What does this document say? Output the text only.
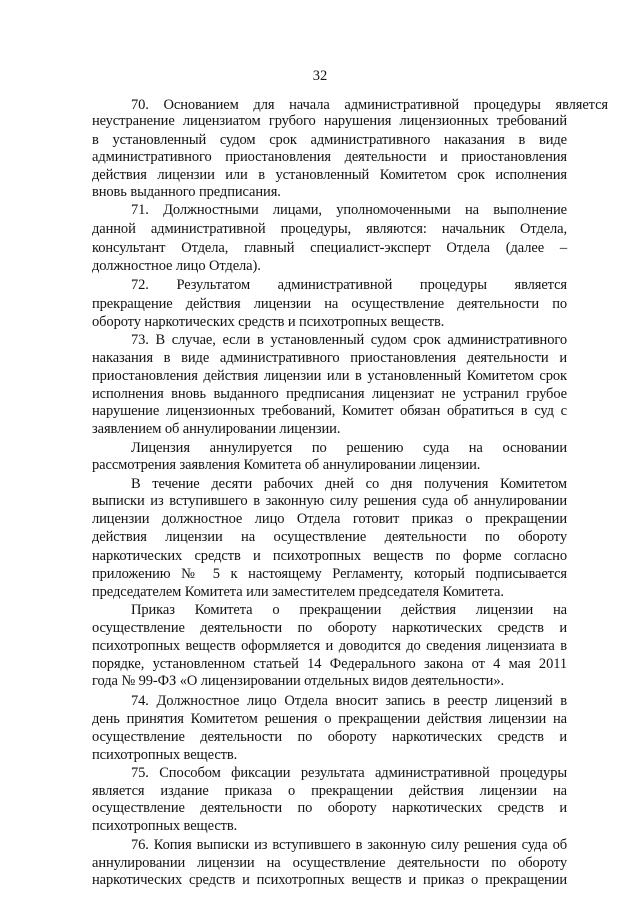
32
70. Основанием для начала административной процедуры является
неустранение лицензиатом грубого нарушения лицензионных требований
в установленный судом срок административного наказания в виде
административного приостановления деятельности и приостановления
действия лицензии или в установленный Комитетом срок исполнения
вновь выданного предписания.
71. Должностными лицами, уполномоченными на выполнение
данной административной процедуры, являются: начальник Отдела,
консультант Отдела, главный специалист-эксперт Отдела (далее –
должностное лицо Отдела).
72. Результатом административной процедуры является
прекращение действия лицензии на осуществление деятельности по
обороту наркотических средств и психотропных веществ.
73. В случае, если в установленный судом срок административного
наказания в виде административного приостановления деятельности и
приостановления действия лицензии или в установленный Комитетом срок
исполнения вновь выданного предписания лицензиат не устранил грубое
нарушение лицензионных требований, Комитет обязан обратиться в суд с
заявлением об аннулировании лицензии.
Лицензия аннулируется по решению суда на основании
рассмотрения заявления Комитета об аннулировании лицензии.
В течение десяти рабочих дней со дня получения Комитетом
выписки из вступившего в законную силу решения суда об аннулировании
лицензии должностное лицо Отдела готовит приказ о прекращении
действия лицензии на осуществление деятельности по обороту
наркотических средств и психотропных веществ по форме согласно
приложению № 5 к настоящему Регламенту, который подписывается
председателем Комитета или заместителем председателя Комитета.
Приказ Комитета о прекращении действия лицензии на
осуществление деятельности по обороту наркотических средств и
психотропных веществ оформляется и доводится до сведения лицензиата в
порядке, установленном статьей 14 Федерального закона от 4 мая 2011
года № 99-ФЗ «О лицензировании отдельных видов деятельности».
74. Должностное лицо Отдела вносит запись в реестр лицензий в
день принятия Комитетом решения о прекращении действия лицензии на
осуществление деятельности по обороту наркотических средств и
психотропных веществ.
75. Способом фиксации результата административной процедуры
является издание приказа о прекращении действия лицензии на
осуществление деятельности по обороту наркотических средств и
психотропных веществ.
76. Копия выписки из вступившего в законную силу решения суда об
аннулировании лицензии на осуществление деятельности по обороту
наркотических средств и психотропных веществ и приказ о прекращении
